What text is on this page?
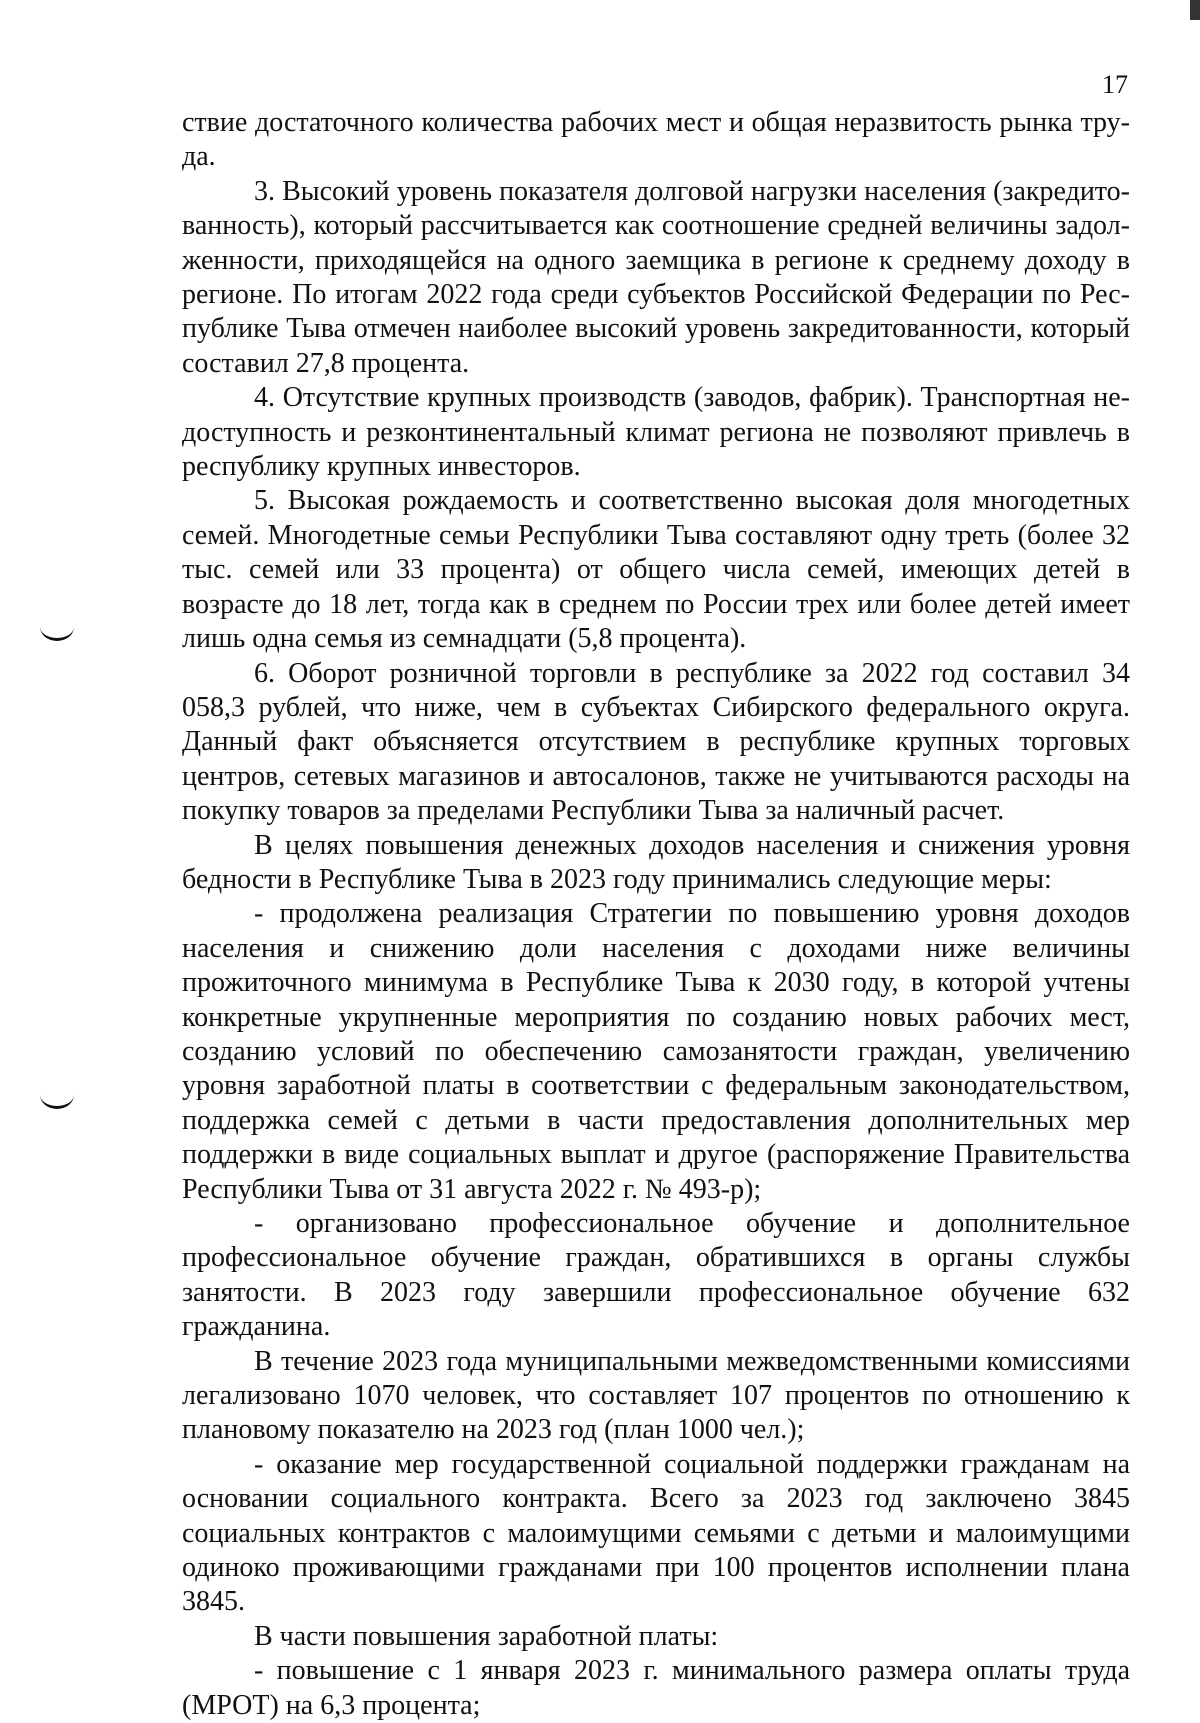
17

ствие достаточного количества рабочих мест и общая неразвитость рынка труда.

3. Высокий уровень показателя долговой нагрузки населения (закредитованность), который рассчитывается как соотношение средней величины задолженности, приходящейся на одного заемщика в регионе к среднему доходу в регионе. По итогам 2022 года среди субъектов Российской Федерации по Республике Тыва отмечен наиболее высокий уровень закредитованности, который составил 27,8 процента.

4. Отсутствие крупных производств (заводов, фабрик). Транспортная недоступность и резконтинентальный климат региона не позволяют привлечь в республику крупных инвесторов.

5. Высокая рождаемость и соответственно высокая доля многодетных семей. Многодетные семьи Республики Тыва составляют одну треть (более 32 тыс. семей или 33 процента) от общего числа семей, имеющих детей в возрасте до 18 лет, тогда как в среднем по России трех или более детей имеет лишь одна семья из семнадцати (5,8 процента).

6. Оборот розничной торговли в республике за 2022 год составил 34 058,3 рублей, что ниже, чем в субъектах Сибирского федерального округа. Данный факт объясняется отсутствием в республике крупных торговых центров, сетевых магазинов и автосалонов, также не учитываются расходы на покупку товаров за пределами Республики Тыва за наличный расчет.

В целях повышения денежных доходов населения и снижения уровня бедности в Республике Тыва в 2023 году принимались следующие меры:

- продолжена реализация Стратегии по повышению уровня доходов населения и снижению доли населения с доходами ниже величины прожиточного минимума в Республике Тыва к 2030 году, в которой учтены конкретные укрупненные мероприятия по созданию новых рабочих мест, созданию условий по обеспечению самозанятости граждан, увеличению уровня заработной платы в соответствии с федеральным законодательством, поддержка семей с детьми в части предоставления дополнительных мер поддержки в виде социальных выплат и другое (распоряжение Правительства Республики Тыва от 31 августа 2022 г. № 493-р);

- организовано профессиональное обучение и дополнительное профессиональное обучение граждан, обратившихся в органы службы занятости. В 2023 году завершили профессиональное обучение 632 гражданина.

В течение 2023 года муниципальными межведомственными комиссиями легализовано 1070 человек, что составляет 107 процентов по отношению к плановому показателю на 2023 год (план 1000 чел.);

- оказание мер государственной социальной поддержки гражданам на основании социального контракта. Всего за 2023 год заключено 3845 социальных контрактов с малоимущими семьями с детьми и малоимущими одиноко проживающими гражданами при 100 процентов исполнении плана 3845.

В части повышения заработной платы:

- повышение с 1 января 2023 г. минимального размера оплаты труда (МРОТ) на 6,3 процента;
